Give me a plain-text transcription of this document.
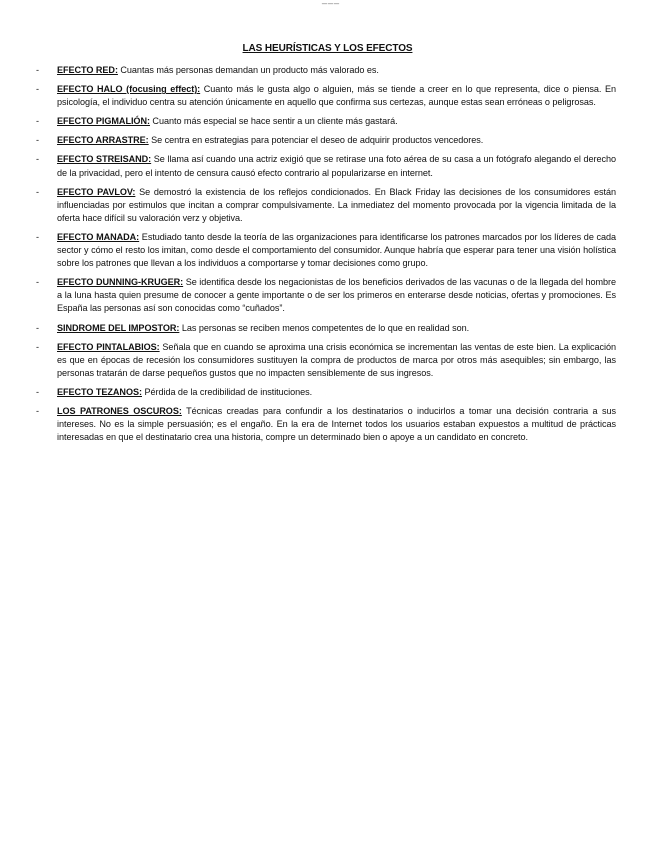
LAS HEURÍSTICAS Y LOS EFECTOS
- EFECTO RED: Cuantas más personas demandan un producto más valorado es.
- EFECTO HALO (focusing effect): Cuanto más le gusta algo o alguien, más se tiende a creer en lo que representa, dice o piensa. En psicología, el individuo centra su atención únicamente en aquello que confirma sus certezas, aunque estas sean erróneas o peligrosas.
- EFECTO PIGMALIÓN: Cuanto más especial se hace sentir a un cliente más gastará.
- EFECTO ARRASTRE: Se centra en estrategias para potenciar el deseo de adquirir productos vencedores.
- EFECTO STREISAND: Se llama así cuando una actriz exigió que se retirase una foto aérea de su casa a un fotógrafo alegando el derecho de la privacidad, pero el intento de censura causó efecto contrario al popularizarse en internet.
- EFECTO PAVLOV: Se demostró la existencia de los reflejos condicionados. En Black Friday las decisiones de los consumidores están influenciadas por estimulos que incitan a comprar compulsivamente. La inmediatez del momento provocada por la vigencia limitada de la oferta hace difícil su valoración verz y objetiva.
- EFECTO MANADA: Estudiado tanto desde la teoría de las organizaciones para identificarse los patrones marcados por los líderes de cada sector y cómo el resto los imitan, como desde el comportamiento del consumidor. Aunque habría que esperar para tener una visión holística sobre los patrones que llevan a los individuos a comportarse y tomar decisiones como grupo.
- EFECTO DUNNING-KRUGER: Se identifica desde los negacionistas de los beneficios derivados de las vacunas o de la llegada del hombre a la luna hasta quien presume de conocer a gente importante o de ser los primeros en enterarse desde noticias, ofertas y promociones. Es España las personas así son conocidas como “cuñados”.
- SINDROME DEL IMPOSTOR: Las personas se reciben menos competentes de lo que en realidad son.
- EFECTO PINTALABIOS: Señala que en cuando se aproxima una crisis económica se incrementan las ventas de este bien. La explicación es que en épocas de recesión los consumidores sustituyen la compra de productos de marca por otros más asequibles; sin embargo, las personas tratarán de darse pequeños gustos que no impacten sensiblemente de sus ingresos.
- EFECTO TEZANOS: Pérdida de la credibilidad de instituciones.
- LOS PATRONES OSCUROS: Técnicas creadas para confundir a los destinatarios o inducirlos a tomar una decisión contraria a sus intereses. No es la simple persuasión; es el engaño. En la era de Internet todos los usuarios estaban expuestos a multitud de prácticas interesadas en que el destinatario crea una historia, compre un determinado bien o apoye a un candidato en concreto.
